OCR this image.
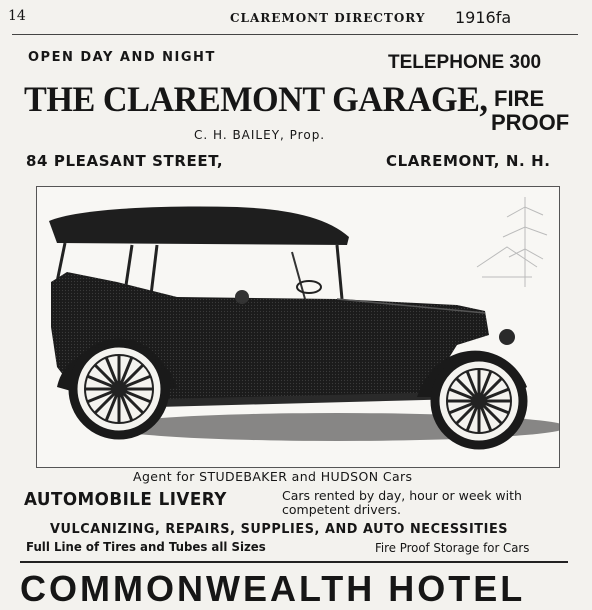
14	CLAREMONT DIRECTORY 1916fa
OPEN DAY AND NIGHT	TELEPHONE 300
THE CLAREMONT GARAGE, FIRE
PROOF
C. H. BAILEY, Prop.
84 PLEASANT STREET,	CLAREMONT, N. H.
Agent for STUDEBAKER and HUDSON Cars
AUTOMOBILE LIVERY	Cars rented by day, hour or week with
competent drivers.
VULCANIZING, REPAIRS, SUPPLIES, AND AUTO NECESSITIES
Full Line of Tires and Tubes all Sizes	Fire Proof Storage for Cars
COMMONWEALTH HOTEL
